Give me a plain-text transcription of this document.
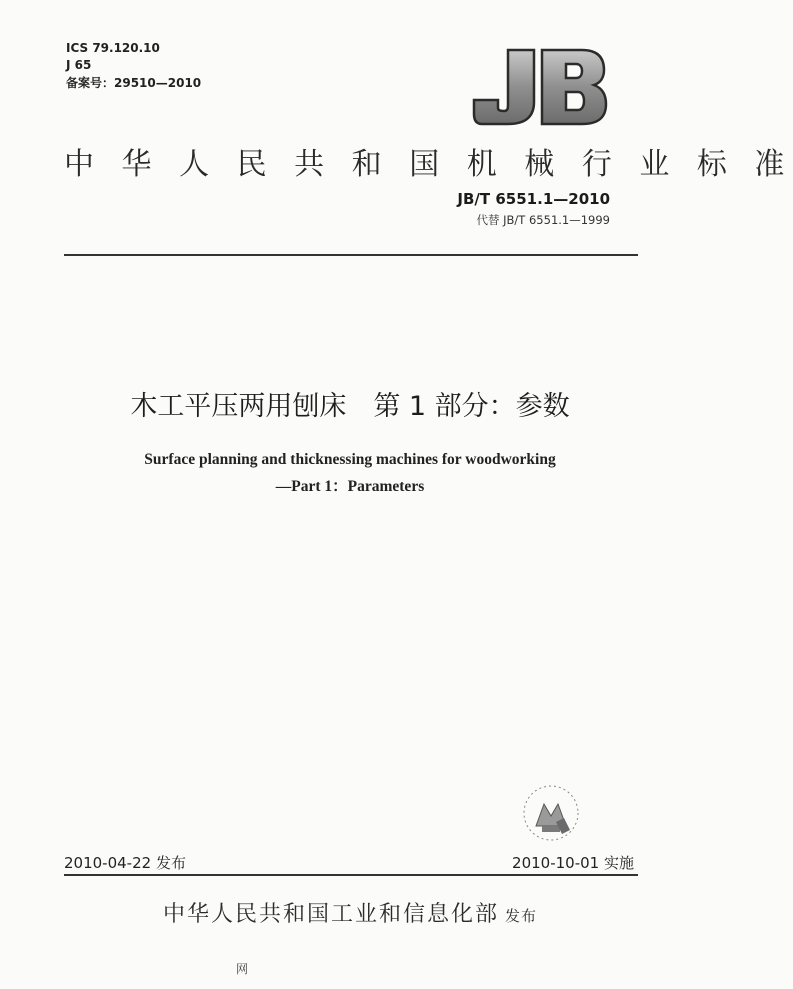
ICS 79.120.10
J 65
备案号：29510—2010
中 华 人 民 共 和 国 机 械 行 业 标 准
JB/T 6551.1—2010
代替 JB/T 6551.1—1999
木工平压两用刨床　第 1 部分：参数
Surface planning and thicknessing machines for woodworking
—Part 1：Parameters
2010-04-22 发布	2010-10-01 实施
中华人民共和国工业和信息化部 发布
网
